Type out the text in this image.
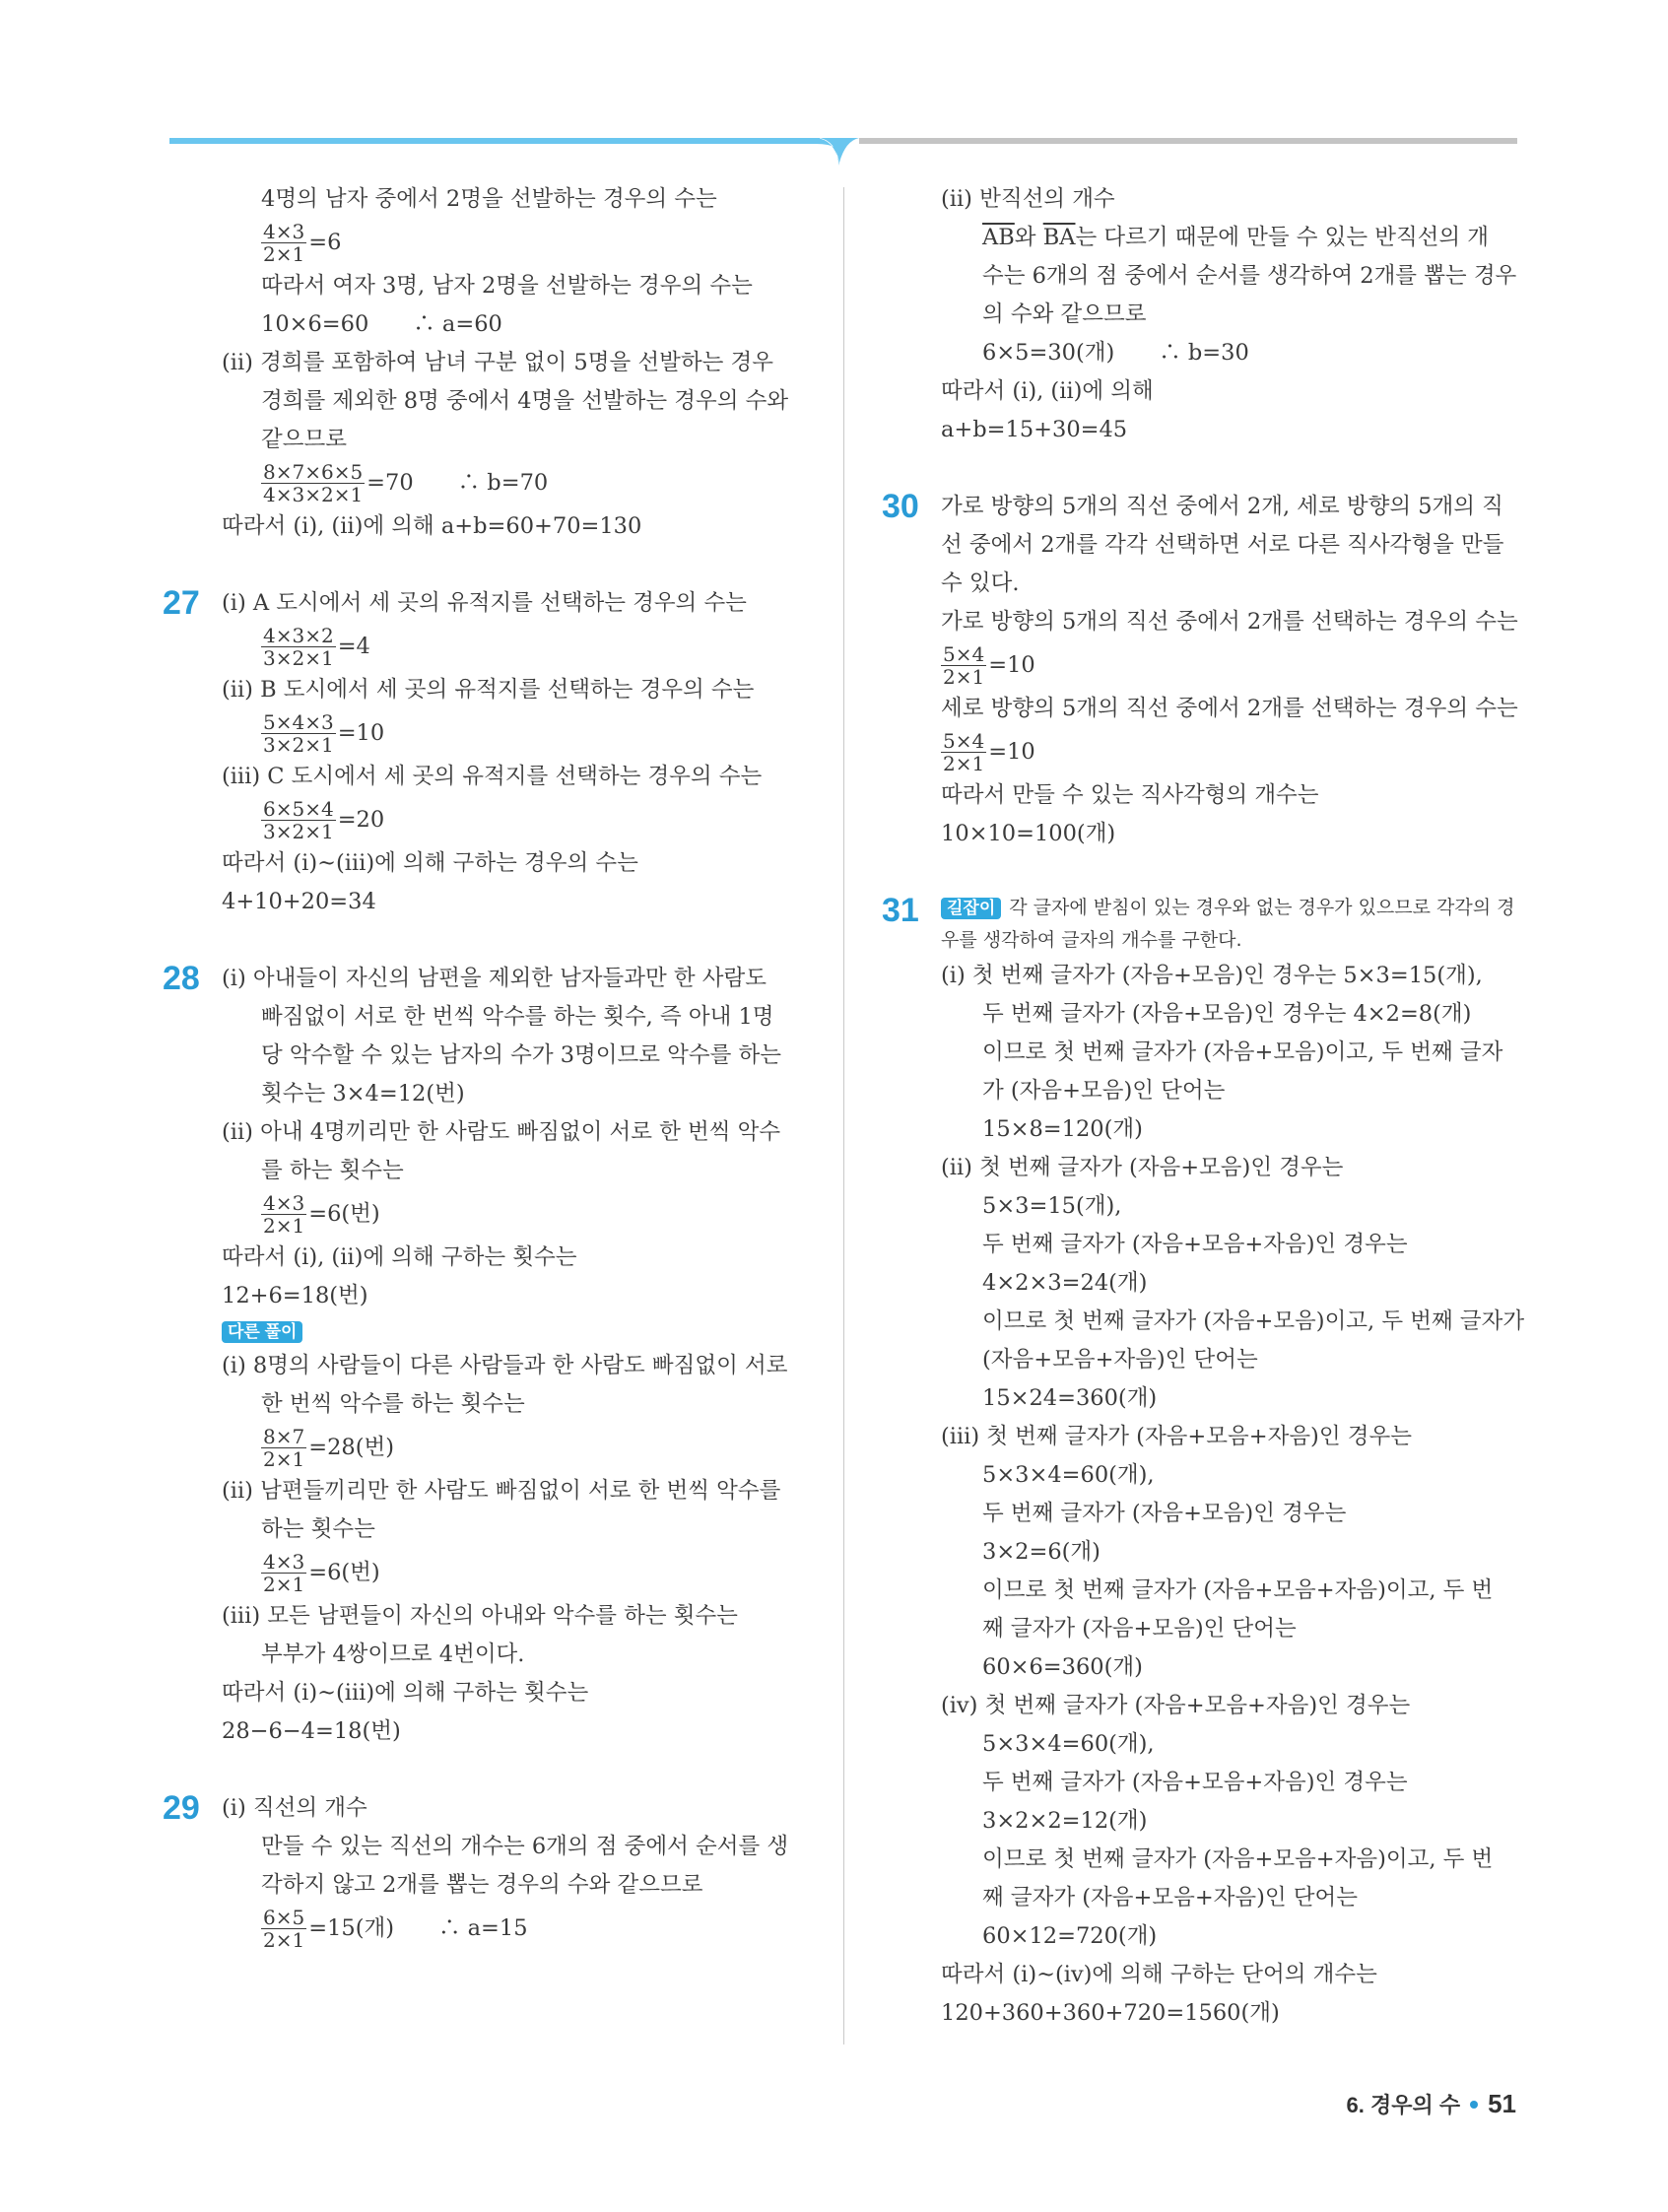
4명의 남자 중에서 2명을 선발하는 경우의 수는
$\frac{4\times 3}{2\times 1} =6$
따라서 여자 3명, 남자 2명을 선발하는 경우의 수는
10×6=60　　∴ a=60
(ⅱ) 경희를 포함하여 남녀 구분 없이 5명을 선발하는 경우
경희를 제외한 8명 중에서 4명을 선발하는 경우의 수와
같으므로
$\frac{8\times 7\times 6\times 5}{4\times 3\times 2\times 1} =70$　　∴ b=70
따라서 (ⅰ), (ⅱ)에 의해 a+b=60+70=130
27 (ⅰ) A 도시에서 세 곳의 유적지를 선택하는 경우의 수는
$\frac{4\times 3\times 2}{3\times 2\times 1} =4$
(ⅱ) B 도시에서 세 곳의 유적지를 선택하는 경우의 수는
$\frac{5\times 4\times 3}{3\times 2\times 1} =10$
(ⅲ) C 도시에서 세 곳의 유적지를 선택하는 경우의 수는
$\frac{6\times 5\times 4}{3\times 2\times 1} =20$
따라서 (ⅰ)~(ⅲ)에 의해 구하는 경우의 수는
4+10+20=34
28 (ⅰ) 아내들이 자신의 남편을 제외한 남자들과만 한 사람도
빠짐없이 서로 한 번씩 악수를 하는 횟수, 즉 아내 1명
당 악수할 수 있는 남자의 수가 3명이므로 악수를 하는
횟수는 3×4=12(번)
(ⅱ) 아내 4명끼리만 한 사람도 빠짐없이 서로 한 번씩 악수
를 하는 횟수는
$\frac{4\times 3}{2\times 1} =6$(번)
따라서 (ⅰ), (ⅱ)에 의해 구하는 횟수는
12+6=18(번)
다른 풀이
(ⅰ) 8명의 사람들이 다른 사람들과 한 사람도 빠짐없이 서로
한 번씩 악수를 하는 횟수는
$\frac{8\times 7}{2\times 1} =28$(번)
(ⅱ) 남편들끼리만 한 사람도 빠짐없이 서로 한 번씩 악수를
하는 횟수는
$\frac{4\times 3}{2\times 1} =6$(번)
(ⅲ) 모든 남편들이 자신의 아내와 악수를 하는 횟수는
부부가 4쌍이므로 4번이다.
따라서 (ⅰ)~(ⅲ)에 의해 구하는 횟수는
28−6−4=18(번)
29 (ⅰ) 직선의 개수
만들 수 있는 직선의 개수는 6개의 점 중에서 순서를 생
각하지 않고 2개를 뽑는 경우의 수와 같으므로
$\frac{6\times 5}{2\times 1} =15$(개)　　∴ a=15
(ⅱ) 반직선의 개수
$\overline{AB}$와 $\overline{BA}$는 다르기 때문에 만들 수 있는 반직선의 개
수는 6개의 점 중에서 순서를 생각하여 2개를 뽑는 경우
의 수와 같으므로
6×5=30(개)　　∴ b=30
따라서 (ⅰ), (ⅱ)에 의해
a+b=15+30=45
30 가로 방향의 5개의 직선 중에서 2개, 세로 방향의 5개의 직
선 중에서 2개를 각각 선택하면 서로 다른 직사각형을 만들
수 있다.
가로 방향의 5개의 직선 중에서 2개를 선택하는 경우의 수는
$\frac{5\times 4}{2\times 1} =10$
세로 방향의 5개의 직선 중에서 2개를 선택하는 경우의 수는
$\frac{5\times 4}{2\times 1} =10$
따라서 만들 수 있는 직사각형의 개수는
10×10=100(개)
31	길잡이 각 글자에 받침이 있는 경우와 없는 경우가 있으므로 각각의 경
우를 생각하여 글자의 개수를 구한다.
(ⅰ) 첫 번째 글자가 (자음+모음)인 경우는 5×3=15(개),
두 번째 글자가 (자음+모음)인 경우는 4×2=8(개)
이므로 첫 번째 글자가 (자음+모음)이고, 두 번째 글자
가 (자음+모음)인 단어는
15×8=120(개)
(ⅱ) 첫 번째 글자가 (자음+모음)인 경우는
5×3=15(개),
두 번째 글자가 (자음+모음+자음)인 경우는
4×2×3=24(개)
이므로 첫 번째 글자가 (자음+모음)이고, 두 번째 글자가
(자음+모음+자음)인 단어는
15×24=360(개)
(ⅲ) 첫 번째 글자가 (자음+모음+자음)인 경우는
5×3×4=60(개),
두 번째 글자가 (자음+모음)인 경우는
3×2=6(개)
이므로 첫 번째 글자가 (자음+모음+자음)이고, 두 번
째 글자가 (자음+모음)인 단어는
60×6=360(개)
(ⅳ) 첫 번째 글자가 (자음+모음+자음)인 경우는
5×3×4=60(개),
두 번째 글자가 (자음+모음+자음)인 경우는
3×2×2=12(개)
이므로 첫 번째 글자가 (자음+모음+자음)이고, 두 번
째 글자가 (자음+모음+자음)인 단어는
60×12=720(개)
따라서 (ⅰ)~(ⅳ)에 의해 구하는 단어의 개수는
120+360+360+720=1560(개)
6. 경우의 수 51
